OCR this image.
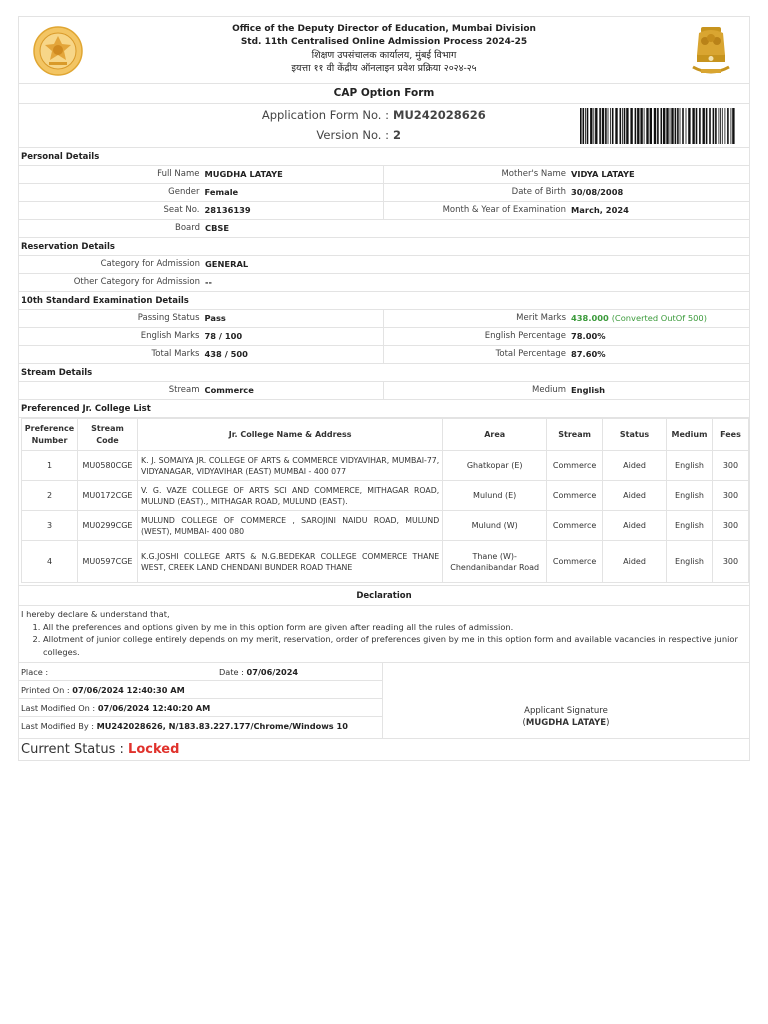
Office of the Deputy Director of Education, Mumbai Division
Std. 11th Centralised Online Admission Process 2024-25
शिक्षण उपसंचालक कार्यालय, मुंबई विभाग
इयत्ता ११ वी केंद्रीय ऑनलाइन प्रवेश प्रक्रिया २०२४-२५
CAP Option Form
Application Form No. : MU242028626
Version No. : 2
Personal Details
Full Name MUGDHA LATAYE	Mother's Name VIDYA LATAYE
Gender Female	Date of Birth 30/08/2008
Seat No. 28136139	Month & Year of Examination March, 2024
Board CBSE
Reservation Details
Category for Admission GENERAL
Other Category for Admission --
10th Standard Examination Details
Passing Status Pass	Merit Marks 438.000 (Converted OutOf 500)
English Marks 78 / 100	English Percentage 78.00%
Total Marks 438 / 500	Total Percentage 87.60%
Stream Details
Stream Commerce	Medium English
Preferenced Jr. College List
Preference Number	Stream Code	Jr. College Name & Address	Area	Stream	Status	Medium	Fees
1	MU0580CGE	K. J. SOMAIYA JR. COLLEGE OF ARTS & COMMERCE VIDYAVIHAR, MUMBAI-77, VIDYANAGAR, VIDYAVIHAR (EAST) MUMBAI - 400 077	Ghatkopar (E)	Commerce	Aided	English	300
2	MU0172CGE	V. G. VAZE COLLEGE OF ARTS SCI AND COMMERCE, MITHAGAR ROAD, MULUND (EAST)., MITHAGAR ROAD, MULUND (EAST).	Mulund (E)	Commerce	Aided	English	300
3	MU0299CGE	MULUND COLLEGE OF COMMERCE , SAROJINI NAIDU ROAD, MULUND (WEST), MUMBAI- 400 080	Mulund (W)	Commerce	Aided	English	300
4	MU0597CGE	K.G.JOSHI COLLEGE ARTS & N.G.BEDEKAR COLLEGE COMMERCE THANE WEST, CREEK LAND CHENDANI BUNDER ROAD THANE	Thane (W)-Chendanibandar Road	Commerce	Aided	English	300
Declaration
I hereby declare & understand that,
1. All the preferences and options given by me in this option form are given after reading all the rules of admission.
2. Allotment of junior college entirely depends on my merit, reservation, order of preferences given by me in this option form and available vacancies in respective junior colleges.
Place :	Date : 07/06/2024
Printed On :
07/06/2024 12:40:30 AM
Last Modified On :
07/06/2024 12:40:20 AM
Last Modified By :
MU242028626, N/183.83.227.177/Chrome/Windows 10
Applicant Signature
(MUGDHA LATAYE)
Current Status : Locked
